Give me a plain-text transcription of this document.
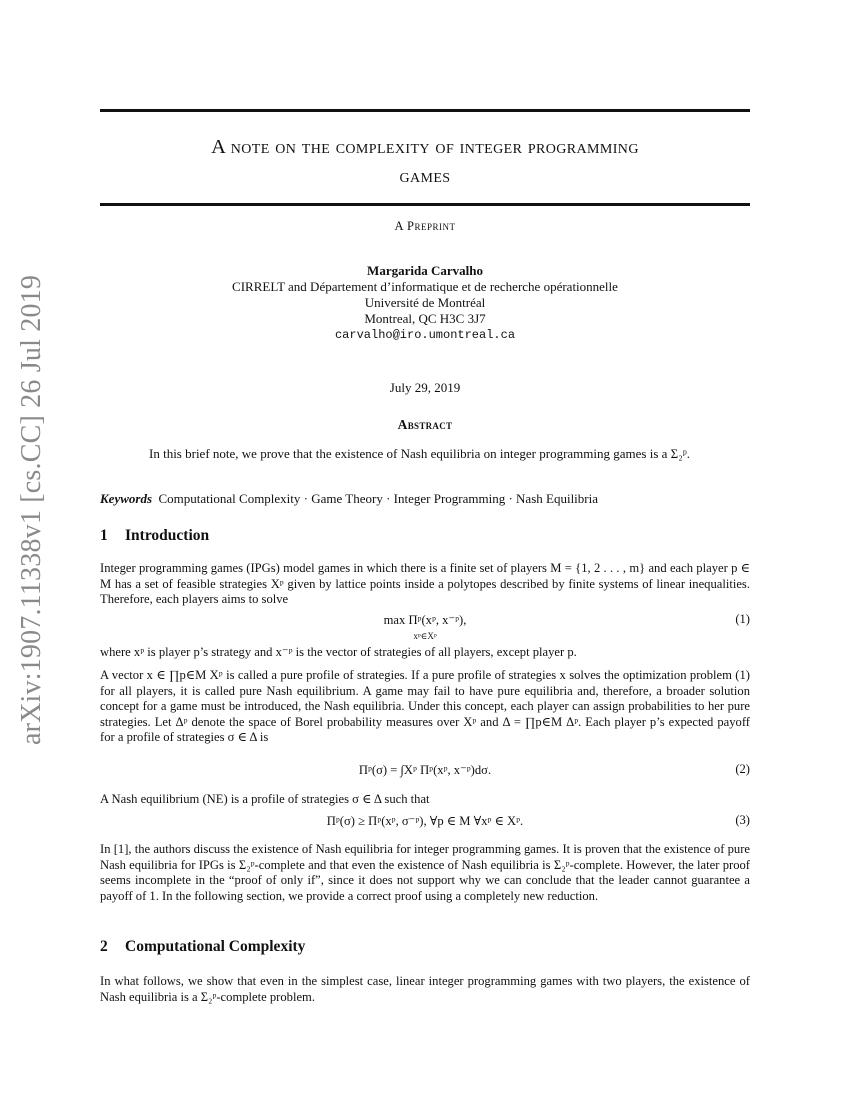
arXiv:1907.11338v1 [cs.CC] 26 Jul 2019
A note on the complexity of integer programming
games
A Preprint
Margarida Carvalho
CIRRELT and Département d’informatique et de recherche opérationnelle
Université de Montréal
Montreal, QC H3C 3J7
carvalho@iro.umontreal.ca
July 29, 2019
Abstract
In this brief note, we prove that the existence of Nash equilibria on integer programming games is a Σ₂ᵖ.
Keywords Computational Complexity · Game Theory · Integer Programming · Nash Equilibria
1 Introduction
Integer programming games (IPGs) model games in which there is a finite set of players M = {1, 2 . . . , m} and each player p ∈ M has a set of feasible strategies Xᵖ given by lattice points inside a polytopes described by finite systems of linear inequalities. Therefore, each players aims to solve
max Πᵖ(xᵖ, x⁻ᵖ),
xᵖ∈Xᵖ
(1)
where xᵖ is player p’s strategy and x⁻ᵖ is the vector of strategies of all players, except player p.
A vector x ∈ ∏p∈M Xᵖ is called a pure profile of strategies. If a pure profile of strategies x solves the optimization problem (1) for all players, it is called pure Nash equilibrium. A game may fail to have pure equilibria and, therefore, a broader solution concept for a game must be introduced, the Nash equilibria. Under this concept, each player can assign probabilities to her pure strategies. Let Δᵖ denote the space of Borel probability measures over Xᵖ and Δ = ∏p∈M Δᵖ. Each player p’s expected payoff for a profile of strategies σ ∈ Δ is
Πᵖ(σ) = ∫Xᵖ Πᵖ(xᵖ, x⁻ᵖ)dσ.	(2)
A Nash equilibrium (NE) is a profile of strategies σ ∈ Δ such that
Πᵖ(σ) ≥ Πᵖ(xᵖ, σ⁻ᵖ), ∀p ∈ M ∀xᵖ ∈ Xᵖ.	(3)
In [1], the authors discuss the existence of Nash equilibria for integer programming games. It is proven that the existence of pure Nash equilibria for IPGs is Σ₂ᵖ-complete and that even the existence of Nash equilibria is Σ₂ᵖ-complete. However, the later proof seems incomplete in the “proof of only if”, since it does not support why we can conclude that the leader cannot guarantee a payoff of 1. In the following section, we provide a correct proof using a completely new reduction.
2 Computational Complexity
In what follows, we show that even in the simplest case, linear integer programming games with two players, the existence of Nash equilibria is a Σ₂ᵖ-complete problem.
